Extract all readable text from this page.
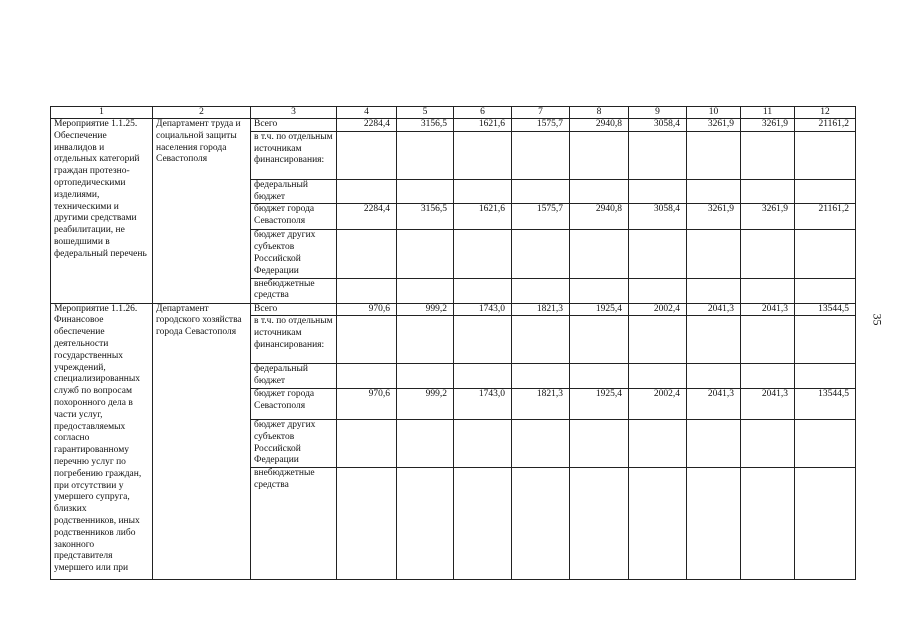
1	2	3	4	5	6	7	8	9	10	11	12

Мероприятие 1.1.25.
Обеспечение инвалидов и отдельных категорий граждан протезно-ортопедическими изделиями, техническими и другими средствами реабилитации, не вошедшими в федеральный перечень	Департамент труда и социальной защиты населения города Севастополя	Всего	2284,4	3156,5	1621,6	1575,7	2940,8	3058,4	3261,9	3261,9	21161,2
		в т.ч. по отдельным источникам финансирования:									
		федеральный бюджет									
		бюджет города Севастополя	2284,4	3156,5	1621,6	1575,7	2940,8	3058,4	3261,9	3261,9	21161,2
		бюджет других субъектов Российской Федерации									
		внебюджетные средства									

Мероприятие 1.1.26.
Финансовое обеспечение деятельности государственных учреждений, специализированных служб по вопросам похоронного дела в части услуг, предоставляемых согласно гарантированному перечню услуг по погребению граждан, при отсутствии у умершего супруга, близких родственников, иных родственников либо законного представителя умершего или при	Департамент городского хозяйства города Севастополя	Всего	970,6	999,2	1743,0	1821,3	1925,4	2002,4	2041,3	2041,3	13544,5
		в т.ч. по отдельным источникам финансирования:									
		федеральный бюджет									
		бюджет города Севастополя	970,6	999,2	1743,0	1821,3	1925,4	2002,4	2041,3	2041,3	13544,5
		бюджет других субъектов Российской Федерации									
		внебюджетные средства									
35
